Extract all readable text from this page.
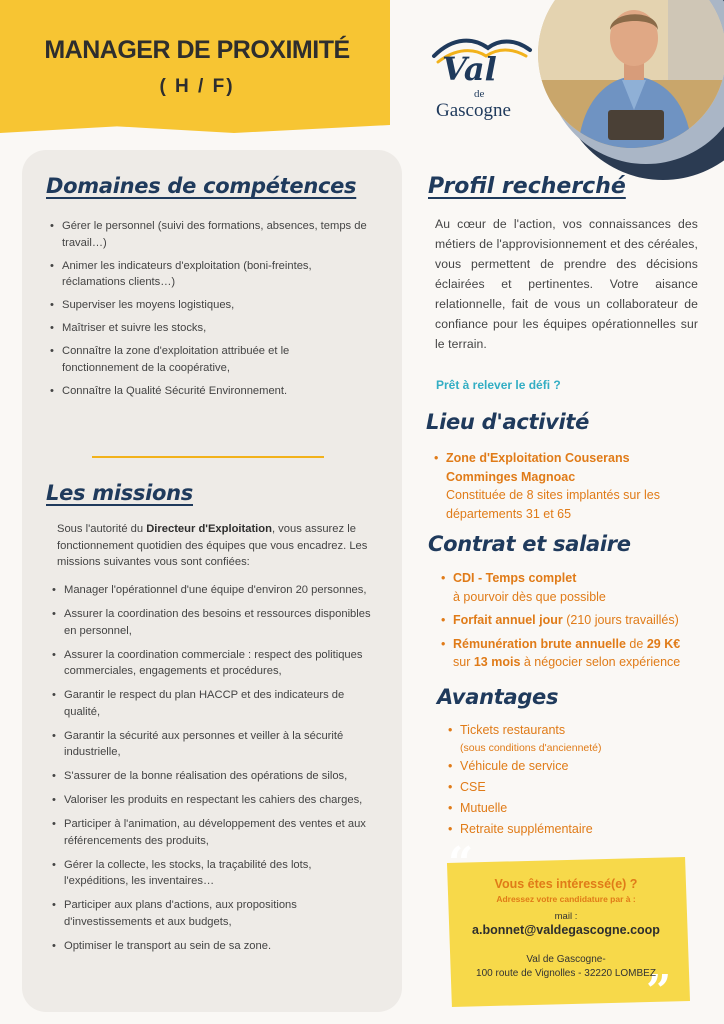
MANAGER DE PROXIMITÉ
( H / F)	Val
de
Gascogne
Domaines de compétences
• Gérer le personnel (suivi des formations, absences, temps de travail…)
• Animer les indicateurs d'exploitation (boni-freintes, réclamations clients…)
• Superviser les moyens logistiques,
• Maîtriser et suivre les stocks,
• Connaître la zone d'exploitation attribuée et le fonctionnement de la coopérative,
• Connaître la Qualité Sécurité Environnement.
Les missions
Sous l'autorité du Directeur d'Exploitation, vous assurez le fonctionnement quotidien des équipes que vous encadrez. Les missions suivantes vous sont confiées:
• Manager l'opérationnel d'une équipe d'environ 20 personnes,
• Assurer la coordination des besoins et ressources disponibles en personnel,
• Assurer la coordination commerciale : respect des politiques commerciales, engagements et procédures,
• Garantir le respect du plan HACCP et des indicateurs de qualité,
• Garantir la sécurité aux personnes et veiller à la sécurité industrielle,
• S'assurer de la bonne réalisation des opérations de silos,
• Valoriser les produits en respectant les cahiers des charges,
• Participer à l'animation, au développement des ventes et aux référencements des produits,
• Gérer la collecte, les stocks, la traçabilité des lots, l'expéditions, les inventaires…
• Participer aux plans d'actions, aux propositions d'investissements et aux budgets,
• Optimiser le transport au sein de sa zone.
Profil recherché
Au cœur de l'action, vos connaissances des métiers de l'approvisionnement et des céréales, vous permettent de prendre des décisions éclairées et pertinentes. Votre aisance relationnelle, fait de vous un collaborateur de confiance pour les équipes opérationnelles sur le terrain.
Prêt à relever le défi ?
Lieu d'activité
• Zone d'Exploitation Couserans Comminges Magnoac
Constituée de 8 sites implantés sur les départements 31 et 65
Contrat et salaire
• CDI - Temps complet
à pourvoir dès que possible
• Forfait annuel jour (210 jours travaillés)
• Rémunération brute annuelle de 29 K€
sur 13 mois à négocier selon expérience
Avantages
• Tickets restaurants
(sous conditions d'ancienneté)
• Véhicule de service
• CSE
• Mutuelle
• Retraite supplémentaire
“
”
Vous êtes intéressé(e) ?
Adressez votre candidature par à :
mail :
a.bonnet@valdegascogne.coop
Val de Gascogne-
100 route de Vignolles - 32220 LOMBEZ
